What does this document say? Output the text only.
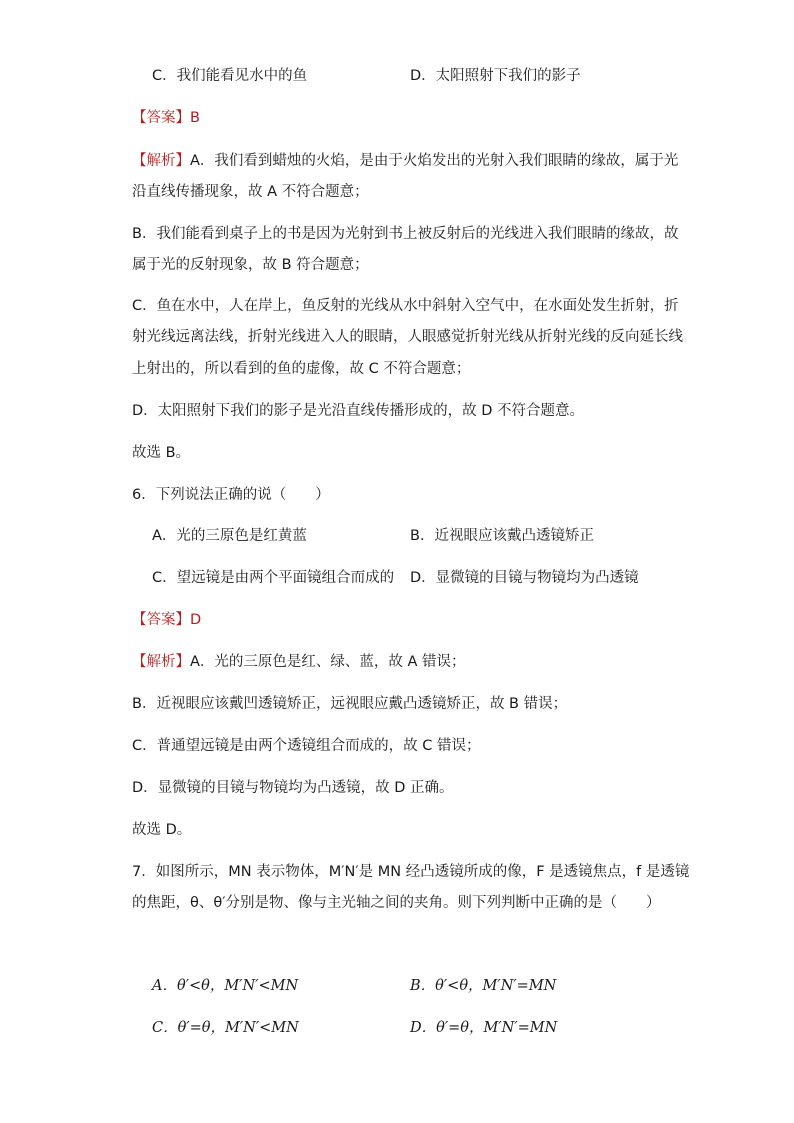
C．我们能看见水中的鱼	D．太阳照射下我们的影子
【答案】B
【解析】A．我们看到蜡烛的火焰，是由于火焰发出的光射入我们眼睛的缘故，属于光
沿直线传播现象，故 A 不符合题意；
B．我们能看到桌子上的书是因为光射到书上被反射后的光线进入我们眼睛的缘故，故
属于光的反射现象，故 B 符合题意；
C．鱼在水中，人在岸上，鱼反射的光线从水中斜射入空气中，在水面处发生折射，折
射光线远离法线，折射光线进入人的眼睛，人眼感觉折射光线从折射光线的反向延长线
上射出的，所以看到的鱼的虚像，故 C 不符合题意；
D．太阳照射下我们的影子是光沿直线传播形成的，故 D 不符合题意。
故选 B。
6．下列说法正确的说（　　）
A．光的三原色是红黄蓝	B．近视眼应该戴凸透镜矫正
C．望远镜是由两个平面镜组合而成的 D．显微镜的目镜与物镜均为凸透镜
【答案】D
【解析】A．光的三原色是红、绿、蓝，故 A 错误；
B．近视眼应该戴凹透镜矫正，远视眼应戴凸透镜矫正，故 B 错误；
C．普通望远镜是由两个透镜组合而成的，故 C 错误；
D．显微镜的目镜与物镜均为凸透镜，故 D 正确。
故选 D。
7．如图所示，MN 表示物体，M′N′是 MN 经凸透镜所成的像，F 是透镜焦点，f 是透镜
的焦距，θ、θ′分别是物、像与主光轴之间的夹角。则下列判断中正确的是（　　）
A．θ′<θ，M′N′<MN	B．θ′<θ，M′N′=MN
C．θ′=θ，M′N′<MN	D．θ′=θ，M′N′=MN
